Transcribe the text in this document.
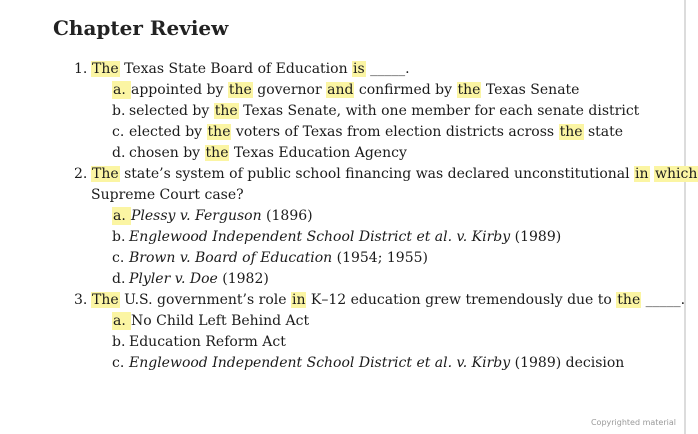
Chapter Review
1. The Texas State Board of Education is _____.
a. appointed by the governor and confirmed by the Texas Senate
b. selected by the Texas Senate, with one member for each senate district
c. elected by the voters of Texas from election districts across the state
d. chosen by the Texas Education Agency
2. The state’s system of public school financing was declared unconstitutional in which
Supreme Court case?
a. Plessy v. Ferguson (1896)
b. Englewood Independent School District et al. v. Kirby (1989)
c. Brown v. Board of Education (1954; 1955)
d. Plyler v. Doe (1982)
3. The U.S. government’s role in K–12 education grew tremendously due to the _____.
a. No Child Left Behind Act
b. Education Reform Act
c. Englewood Independent School District et al. v. Kirby (1989) decision
Copyrighted material
